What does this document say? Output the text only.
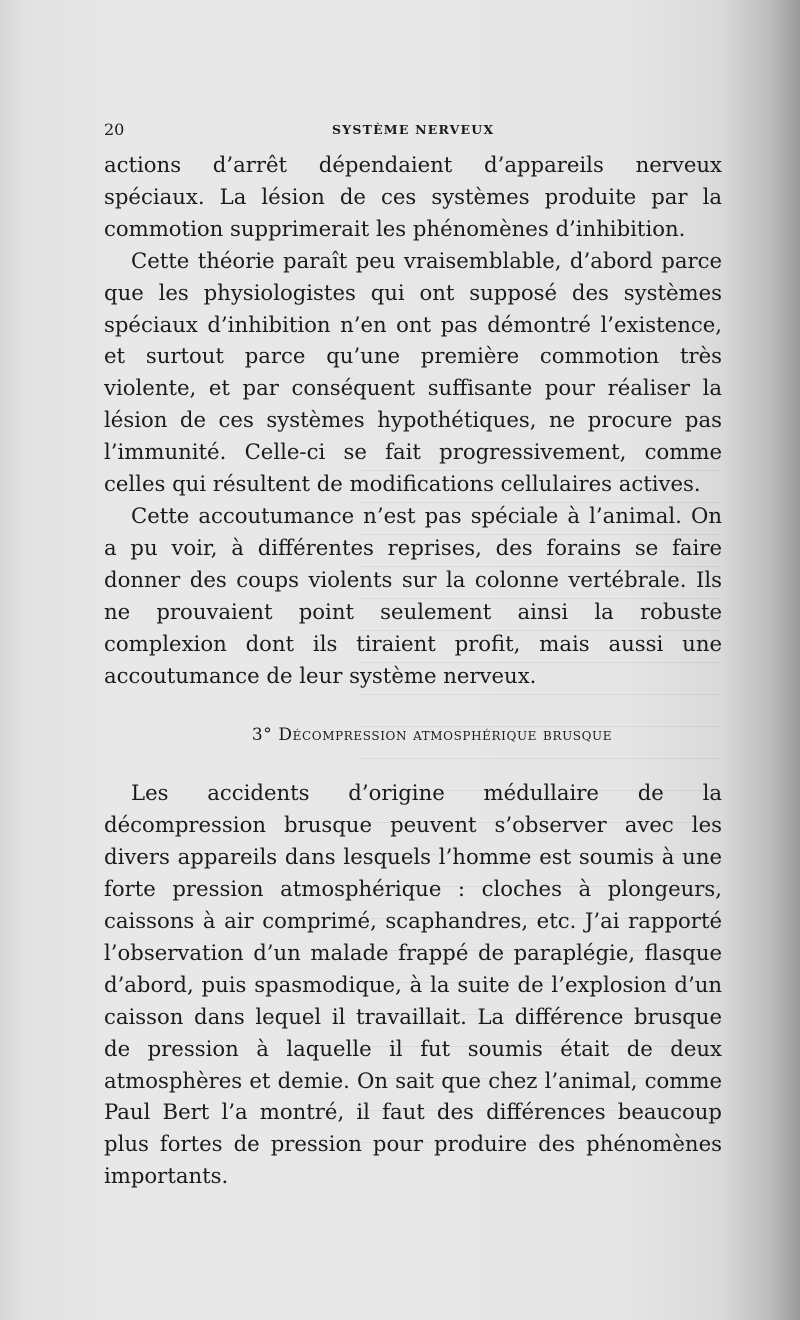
20	SYSTÈME NERVEUX

actions d’arrêt dépendaient d’appareils nerveux spéciaux. La lésion de ces systèmes produite par la commotion supprimerait les phénomènes d’inhibition.

Cette théorie paraît peu vraisemblable, d’abord parce que les physiologistes qui ont supposé des systèmes spéciaux d’inhibition n’en ont pas démontré l’existence, et surtout parce qu’une première commotion très violente, et par conséquent suffisante pour réaliser la lésion de ces systèmes hypothétiques, ne procure pas l’immunité. Celle-ci se fait progressivement, comme celles qui résultent de modifications cellulaires actives.

Cette accoutumance n’est pas spéciale à l’animal. On a pu voir, à différentes reprises, des forains se faire donner des coups violents sur la colonne vertébrale. Ils ne prouvaient point seulement ainsi la robuste complexion dont ils tiraient profit, mais aussi une accoutumance de leur système nerveux.

3° Décompression atmosphérique brusque

Les accidents d’origine médullaire de la décompression brusque peuvent s’observer avec les divers appareils dans lesquels l’homme est soumis à une forte pression atmosphérique : cloches à plongeurs, caissons à air comprimé, scaphandres, etc. J’ai rapporté l’observation d’un malade frappé de paraplégie, flasque d’abord, puis spasmodique, à la suite de l’explosion d’un caisson dans lequel il travaillait. La différence brusque de pression à laquelle il fut soumis était de deux atmosphères et demie. On sait que chez l’animal, comme Paul Bert l’a montré, il faut des différences beaucoup plus fortes de pression pour produire des phénomènes importants.
